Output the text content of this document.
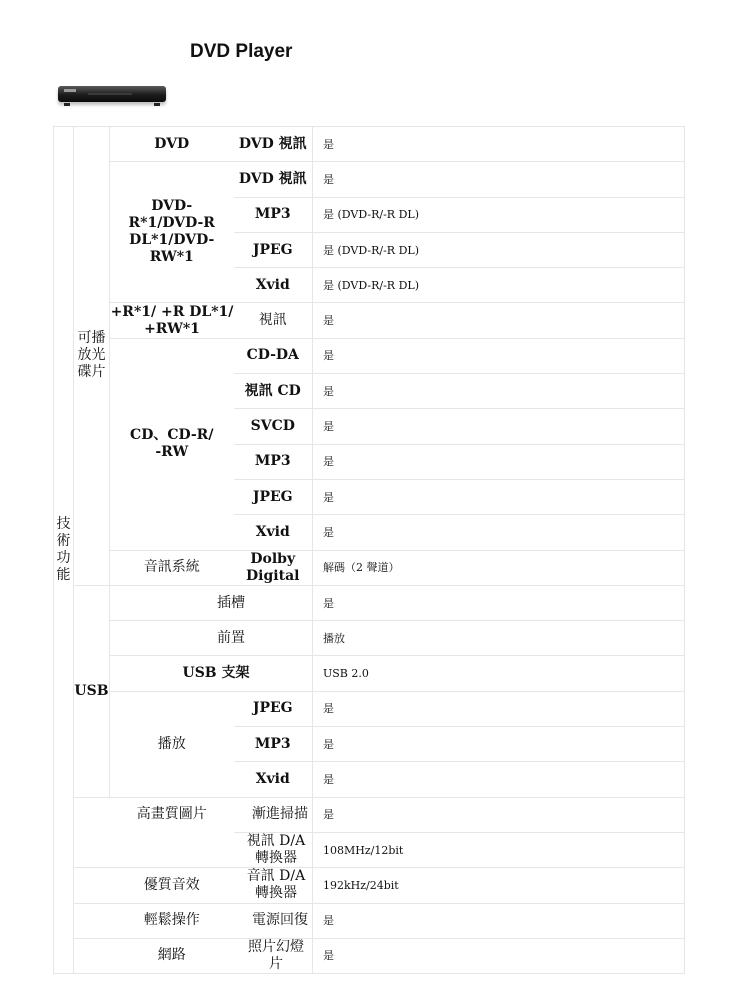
DVD Player
技術功能	可播放光碟片	DVD	DVD 視訊	是
		DVD-R*1/DVD-R DL*1/DVD-RW*1	DVD 視訊	是
			MP3	是 (DVD-R/-R DL)
			JPEG	是 (DVD-R/-R DL)
			Xvid	是 (DVD-R/-R DL)
		+R*1/ +R DL*1/ +RW*1	視訊	是
		CD、CD-R/ -RW	CD-DA	是
			視訊 CD	是
			SVCD	是
			MP3	是
			JPEG	是
			Xvid	是
		音訊系統	Dolby Digital	解碼（2 聲道）
	USB	插槽		是
		前置		播放
		USB 支架		USB 2.0
		播放	JPEG	是
			MP3	是
			Xvid	是
	高畫質圖片		漸進掃描	是
			視訊 D/A 轉換器	108MHz/12bit
	優質音效		音訊 D/A 轉換器	192kHz/24bit
	輕鬆操作		電源回復	是
	網路		照片幻燈片	是
